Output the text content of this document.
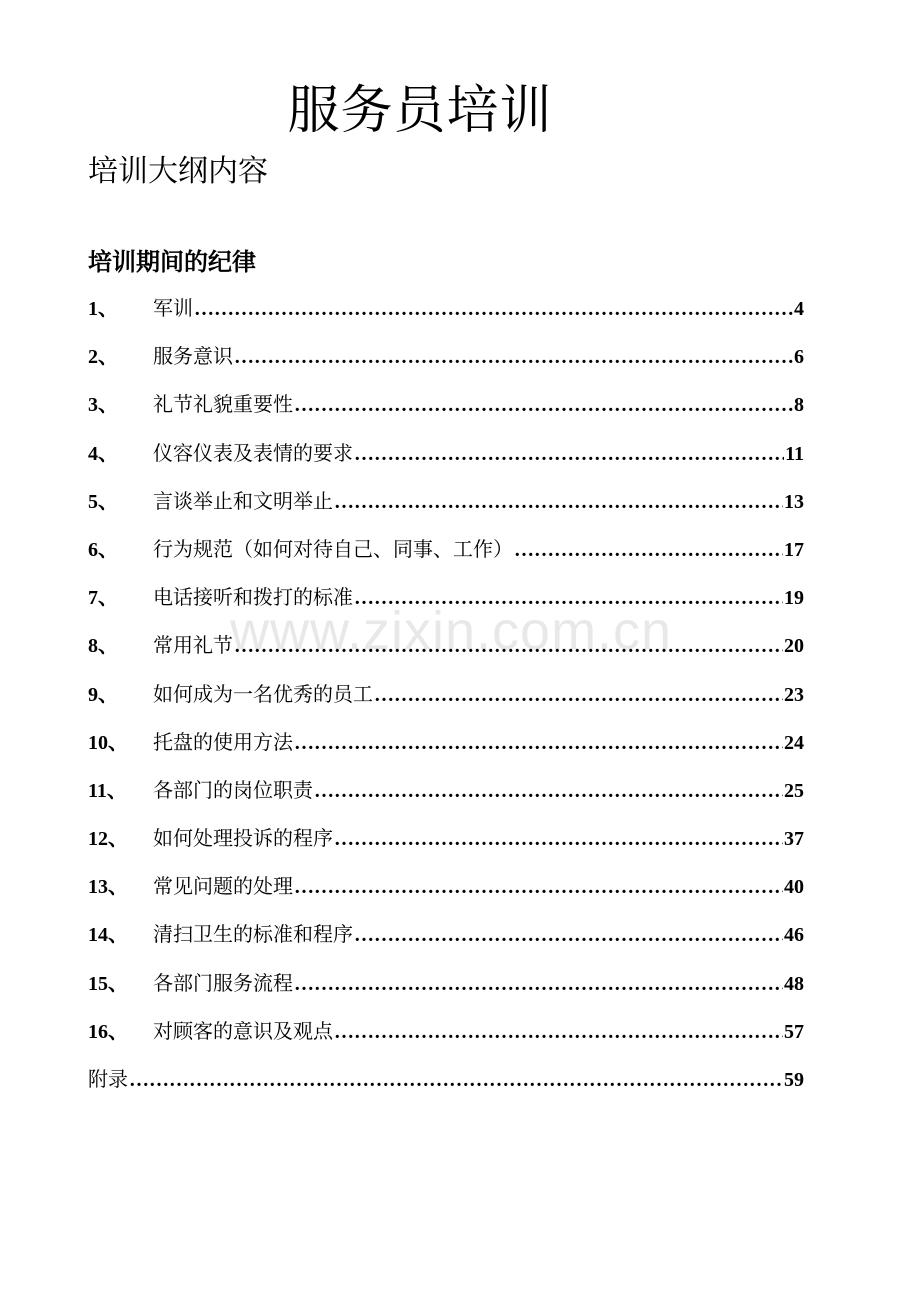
服务员培训
培训大纲内容
培训期间的纪律
1、	军训 ……………………………………………………………………………………………………………………………………………………………………	4
2、	服务意识 ……………………………………………………………………………………………………………………………………………………………………	6
3、	礼节礼貌重要性 ……………………………………………………………………………………………………………………………………………………………………	8
4、	仪容仪表及表情的要求 ……………………………………………………………………………………………………………………………………………………………………	11
5、	言谈举止和文明举止 ……………………………………………………………………………………………………………………………………………………………………	13
6、	行为规范（如何对待自己、同事、工作） ……………………………………………………………………………………………………………………………………………………………………	17
7、	电话接听和拨打的标准 ……………………………………………………………………………………………………………………………………………………………………	19
8、	常用礼节 ……………………………………………………………………………………………………………………………………………………………………	20
9、	如何成为一名优秀的员工 ……………………………………………………………………………………………………………………………………………………………………	23
10、	托盘的使用方法 ……………………………………………………………………………………………………………………………………………………………………	24
11、	各部门的岗位职责 ……………………………………………………………………………………………………………………………………………………………………	25
12、	如何处理投诉的程序 ……………………………………………………………………………………………………………………………………………………………………	37
13、	常见问题的处理 ……………………………………………………………………………………………………………………………………………………………………	40
14、	清扫卫生的标准和程序 ……………………………………………………………………………………………………………………………………………………………………	46
15、	各部门服务流程 ……………………………………………………………………………………………………………………………………………………………………	48
16、	对顾客的意识及观点 ……………………………………………………………………………………………………………………………………………………………………	57
附录 ……………………………………………………………………………………………………………………………………………………………………	59
www.zixin.com.cn
